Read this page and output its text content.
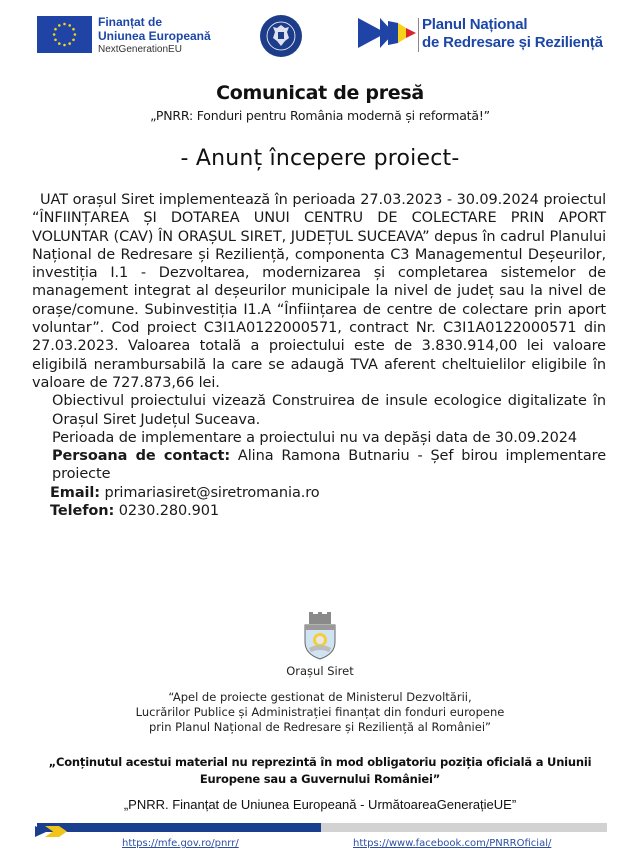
Finanțat de
Uniunea Europeană
NextGenerationEU
Planul Național
de Redresare și Reziliență
Comunicat de presă
„PNRR: Fonduri pentru România modernă și reformată!”
- Anunț începere proiect-

UAT orașul Siret implementează în perioada 27.03.2023 - 30.09.2024 proiectul “ÎNFIINȚAREA ȘI DOTAREA UNUI CENTRU DE COLECTARE PRIN APORT VOLUNTAR (CAV) ÎN ORAȘUL SIRET, JUDEȚUL SUCEAVA” depus în cadrul Planului Național de Redresare și Reziliență, componenta C3 Managementul Deșeurilor, investiția I.1 - Dezvoltarea, modernizarea și completarea sistemelor de management integrat al deșeurilor municipale la nivel de județ sau la nivel de orașe/comune. Subinvestiția I1.A “Înființarea de centre de colectare prin aport voluntar”. Cod proiect C3I1A0122000571, contract Nr. C3I1A0122000571 din 27.03.2023. Valoarea totală a proiectului este de 3.830.914,00 lei valoare eligibilă nerambursabilă la care se adaugă TVA aferent cheltuielilor eligibile în valoare de 727.873,66 lei.

Obiectivul proiectului vizează Construirea de insule ecologice digitalizate în Orașul Siret Județul Suceava.

Perioada de implementare a proiectului nu va depăși data de 30.09.2024

Persoana de contact: Alina Ramona Butnariu - Șef birou implementare proiecte

Email: primariasiret@siretromania.ro

Telefon: 0230.280.901

Orașul Siret
“Apel de proiecte gestionat de Ministerul Dezvoltării,
Lucrărilor Publice și Administrației finanțat din fonduri europene
prin Planul Național de Redresare și Reziliență al României”
„Conținutul acestui material nu reprezintă în mod obligatoriu poziția oficială a Uniunii
Europene sau a Guvernului României”
„PNRR. Finanțat de Uniunea Europeană - UrmătoareaGenerațieUE”
https://mfe.gov.ro/pnrr/	https://www.facebook.com/PNRROficial/
